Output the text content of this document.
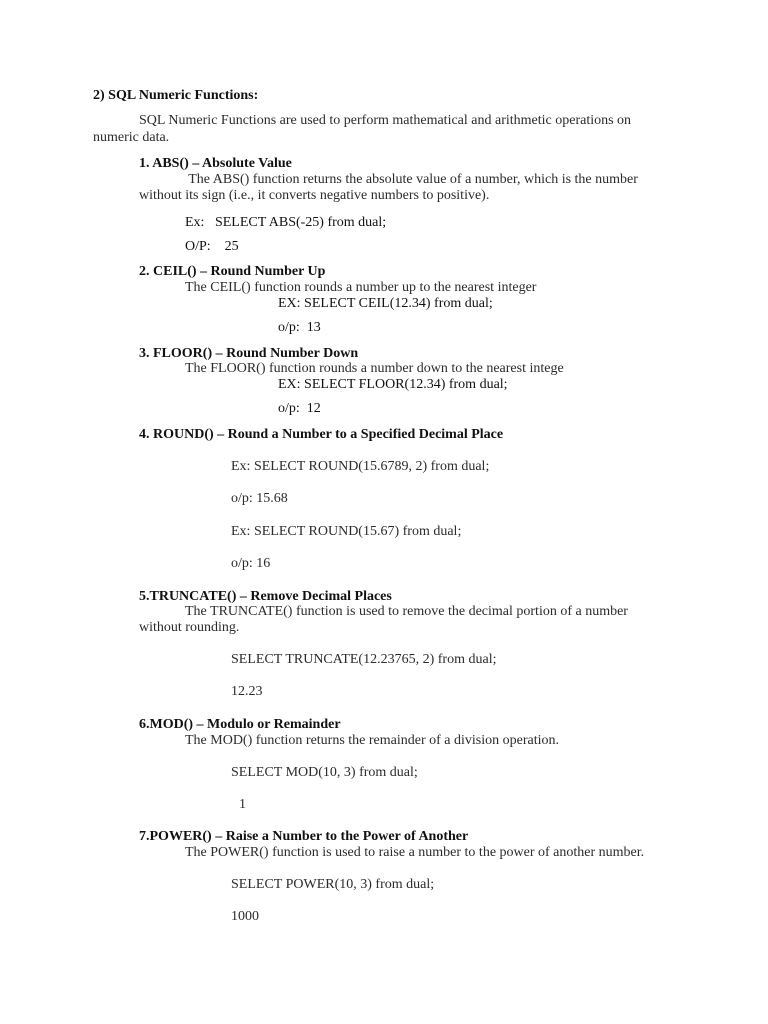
2) SQL Numeric Functions:
SQL Numeric Functions are used to perform mathematical and arithmetic operations on
numeric data.
1. ABS() – Absolute Value
The ABS() function returns the absolute value of a number, which is the number
without its sign (i.e., it converts negative numbers to positive).
Ex:   SELECT ABS(-25) from dual;
O/P:    25
2. CEIL() – Round Number Up
The CEIL() function rounds a number up to the nearest integer
EX: SELECT CEIL(12.34) from dual;
o/p:  13
3. FLOOR() – Round Number Down
The FLOOR() function rounds a number down to the nearest intege
EX: SELECT FLOOR(12.34) from dual;
o/p:  12
4. ROUND() – Round a Number to a Specified Decimal Place
Ex: SELECT ROUND(15.6789, 2) from dual;
o/p: 15.68
Ex: SELECT ROUND(15.67) from dual;
o/p: 16
5.TRUNCATE() – Remove Decimal Places
The TRUNCATE() function is used to remove the decimal portion of a number
without rounding.
SELECT TRUNCATE(12.23765, 2) from dual;
12.23
6.MOD() – Modulo or Remainder
The MOD() function returns the remainder of a division operation.
SELECT MOD(10, 3) from dual;
1
7.POWER() – Raise a Number to the Power of Another
The POWER() function is used to raise a number to the power of another number.
SELECT POWER(10, 3) from dual;
1000
